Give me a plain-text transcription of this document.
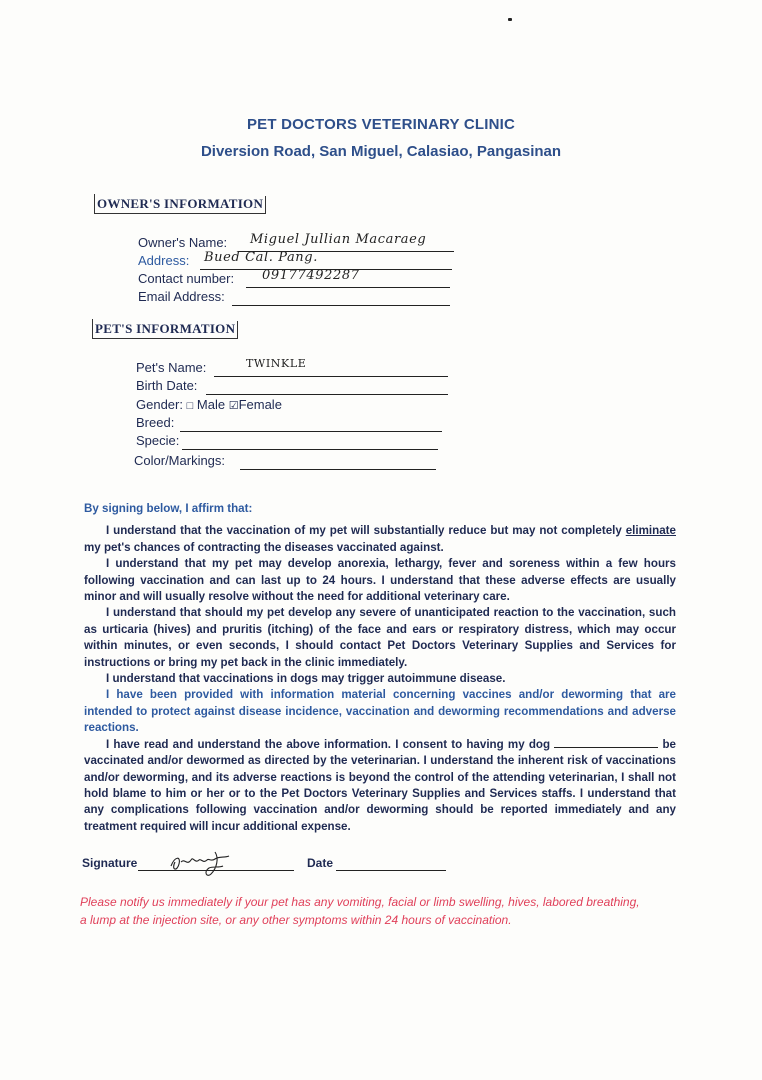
PET DOCTORS VETERINARY CLINIC
Diversion Road, San Miguel, Calasiao, Pangasinan
OWNER'S INFORMATION
Owner's Name: Miguel Jullian Macaraeg
Address: Bued Cal. Pang.
Contact number: 09177492287
Email Address:
PET'S INFORMATION
Pet's Name:	TWINKLE
Birth Date:
Gender: □ Male ☑Female
Breed:
Specie:
Color/Markings:

By signing below, I affirm that:

I understand that the vaccination of my pet will substantially reduce but may not completely eliminate my pet's chances of contracting the diseases vaccinated against.

I understand that my pet may develop anorexia, lethargy, fever and soreness within a few hours following vaccination and can last up to 24 hours. I understand that these adverse effects are usually minor and will usually resolve without the need for additional veterinary care.

I understand that should my pet develop any severe of unanticipated reaction to the vaccination, such as urticaria (hives) and pruritis (itching) of the face and ears or respiratory distress, which may occur within minutes, or even seconds, I should contact Pet Doctors Veterinary Supplies and Services for instructions or bring my pet back in the clinic immediately.

I understand that vaccinations in dogs may trigger autoimmune disease.

I have been provided with information material concerning vaccines and/or deworming that are intended to protect against disease incidence, vaccination and deworming recommendations and adverse reactions.

I have read and understand the above information. I consent to having my dog	be vaccinated and/or dewormed as directed by the veterinarian. I understand the inherent risk of vaccinations and/or deworming, and its adverse reactions is beyond the control of the attending veterinarian, I shall not hold blame to him or her or to the Pet Doctors Veterinary Supplies and Services staffs. I understand that any complications following vaccination and/or deworming should be reported immediately and any treatment required will incur additional expense.

Signature	Date
Please notify us immediately if your pet has any vomiting, facial or limb swelling, hives, labored breathing, a lump at the injection site, or any other symptoms within 24 hours of vaccination.
